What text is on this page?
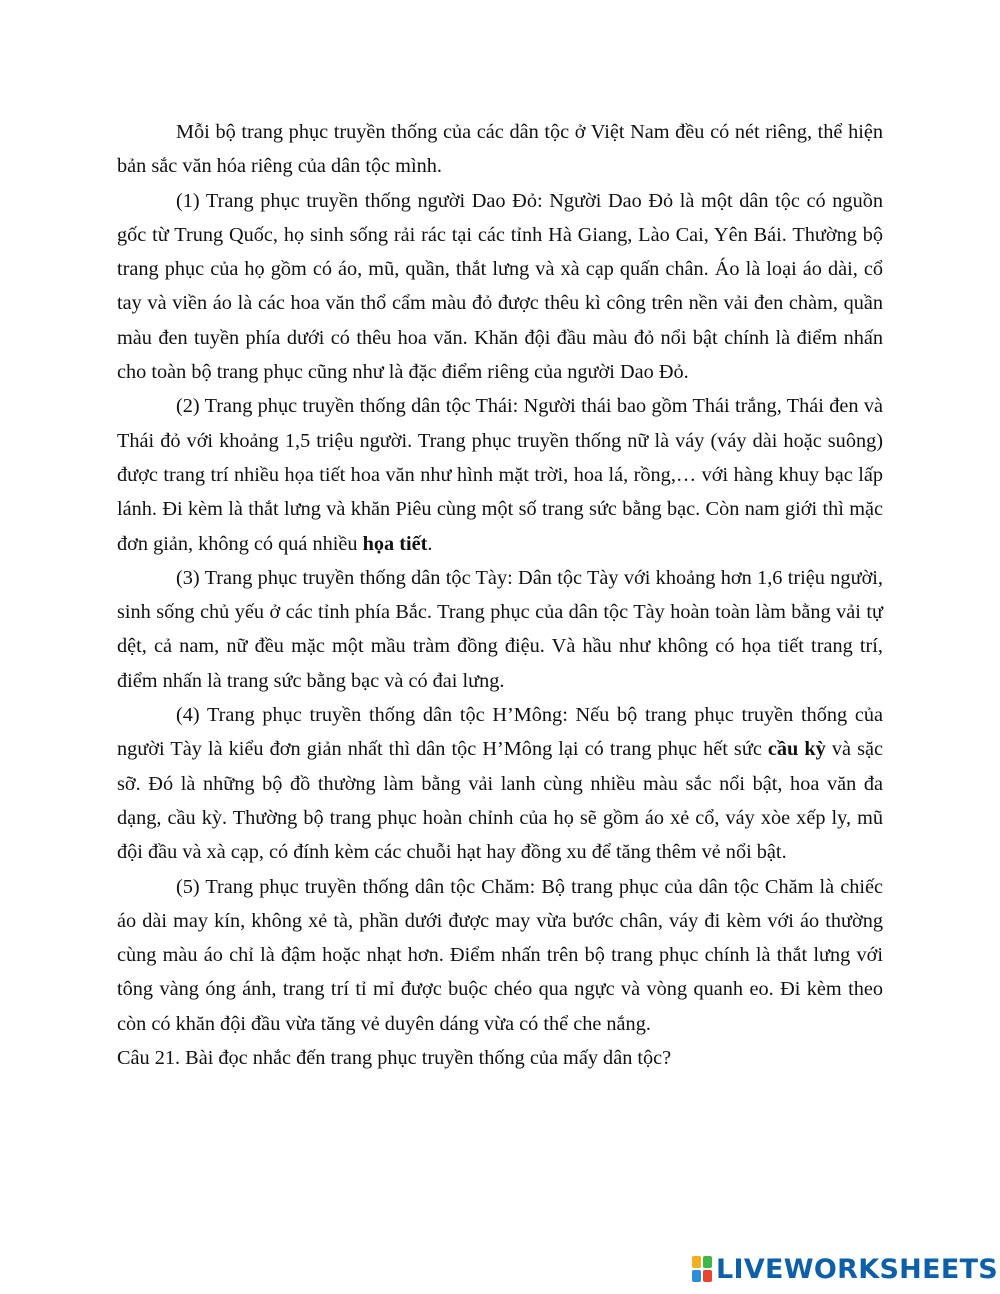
Mỗi bộ trang phục truyền thống của các dân tộc ở Việt Nam đều có nét riêng, thể hiện bản sắc văn hóa riêng của dân tộc mình.

(1) Trang phục truyền thống người Dao Đỏ: Người Dao Đỏ là một dân tộc có nguồn gốc từ Trung Quốc, họ sinh sống rải rác tại các tỉnh Hà Giang, Lào Cai, Yên Bái. Thường bộ trang phục của họ gồm có áo, mũ, quần, thắt lưng và xà cạp quấn chân. Áo là loại áo dài, cổ tay và viền áo là các hoa văn thổ cẩm màu đỏ được thêu kì công trên nền vải đen chàm, quần màu đen tuyền phía dưới có thêu hoa văn. Khăn đội đầu màu đỏ nổi bật chính là điểm nhấn cho toàn bộ trang phục cũng như là đặc điểm riêng của người Dao Đỏ.

(2) Trang phục truyền thống dân tộc Thái: Người thái bao gồm Thái trắng, Thái đen và Thái đỏ với khoảng 1,5 triệu người. Trang phục truyền thống nữ là váy (váy dài hoặc suông) được trang trí nhiều họa tiết hoa văn như hình mặt trời, hoa lá, rồng,… với hàng khuy bạc lấp lánh. Đi kèm là thắt lưng và khăn Piêu cùng một số trang sức bằng bạc. Còn nam giới thì mặc đơn giản, không có quá nhiều họa tiết.

(3) Trang phục truyền thống dân tộc Tày: Dân tộc Tày với khoảng hơn 1,6 triệu người, sinh sống chủ yếu ở các tỉnh phía Bắc. Trang phục của dân tộc Tày hoàn toàn làm bằng vải tự dệt, cả nam, nữ đều mặc một mầu tràm đồng điệu. Và hầu như không có họa tiết trang trí, điểm nhấn là trang sức bằng bạc và có đai lưng.

(4) Trang phục truyền thống dân tộc H’Mông: Nếu bộ trang phục truyền thống của người Tày là kiểu đơn giản nhất thì dân tộc H’Mông lại có trang phục hết sức cầu kỳ và sặc sỡ. Đó là những bộ đồ thường làm bằng vải lanh cùng nhiều màu sắc nổi bật, hoa văn đa dạng, cầu kỳ. Thường bộ trang phục hoàn chỉnh của họ sẽ gồm áo xẻ cổ, váy xòe xếp ly, mũ đội đầu và xà cạp, có đính kèm các chuỗi hạt hay đồng xu để tăng thêm vẻ nổi bật.

(5) Trang phục truyền thống dân tộc Chăm: Bộ trang phục của dân tộc Chăm là chiếc áo dài may kín, không xẻ tà, phần dưới được may vừa bước chân, váy đi kèm với áo thường cùng màu áo chỉ là đậm hoặc nhạt hơn. Điểm nhấn trên bộ trang phục chính là thắt lưng với tông vàng óng ánh, trang trí tỉ mỉ được buộc chéo qua ngực và vòng quanh eo. Đi kèm theo còn có khăn đội đầu vừa tăng vẻ duyên dáng vừa có thể che nắng.

Câu 21. Bài đọc nhắc đến trang phục truyền thống của mấy dân tộc?

LIVEWORKSHEETS
